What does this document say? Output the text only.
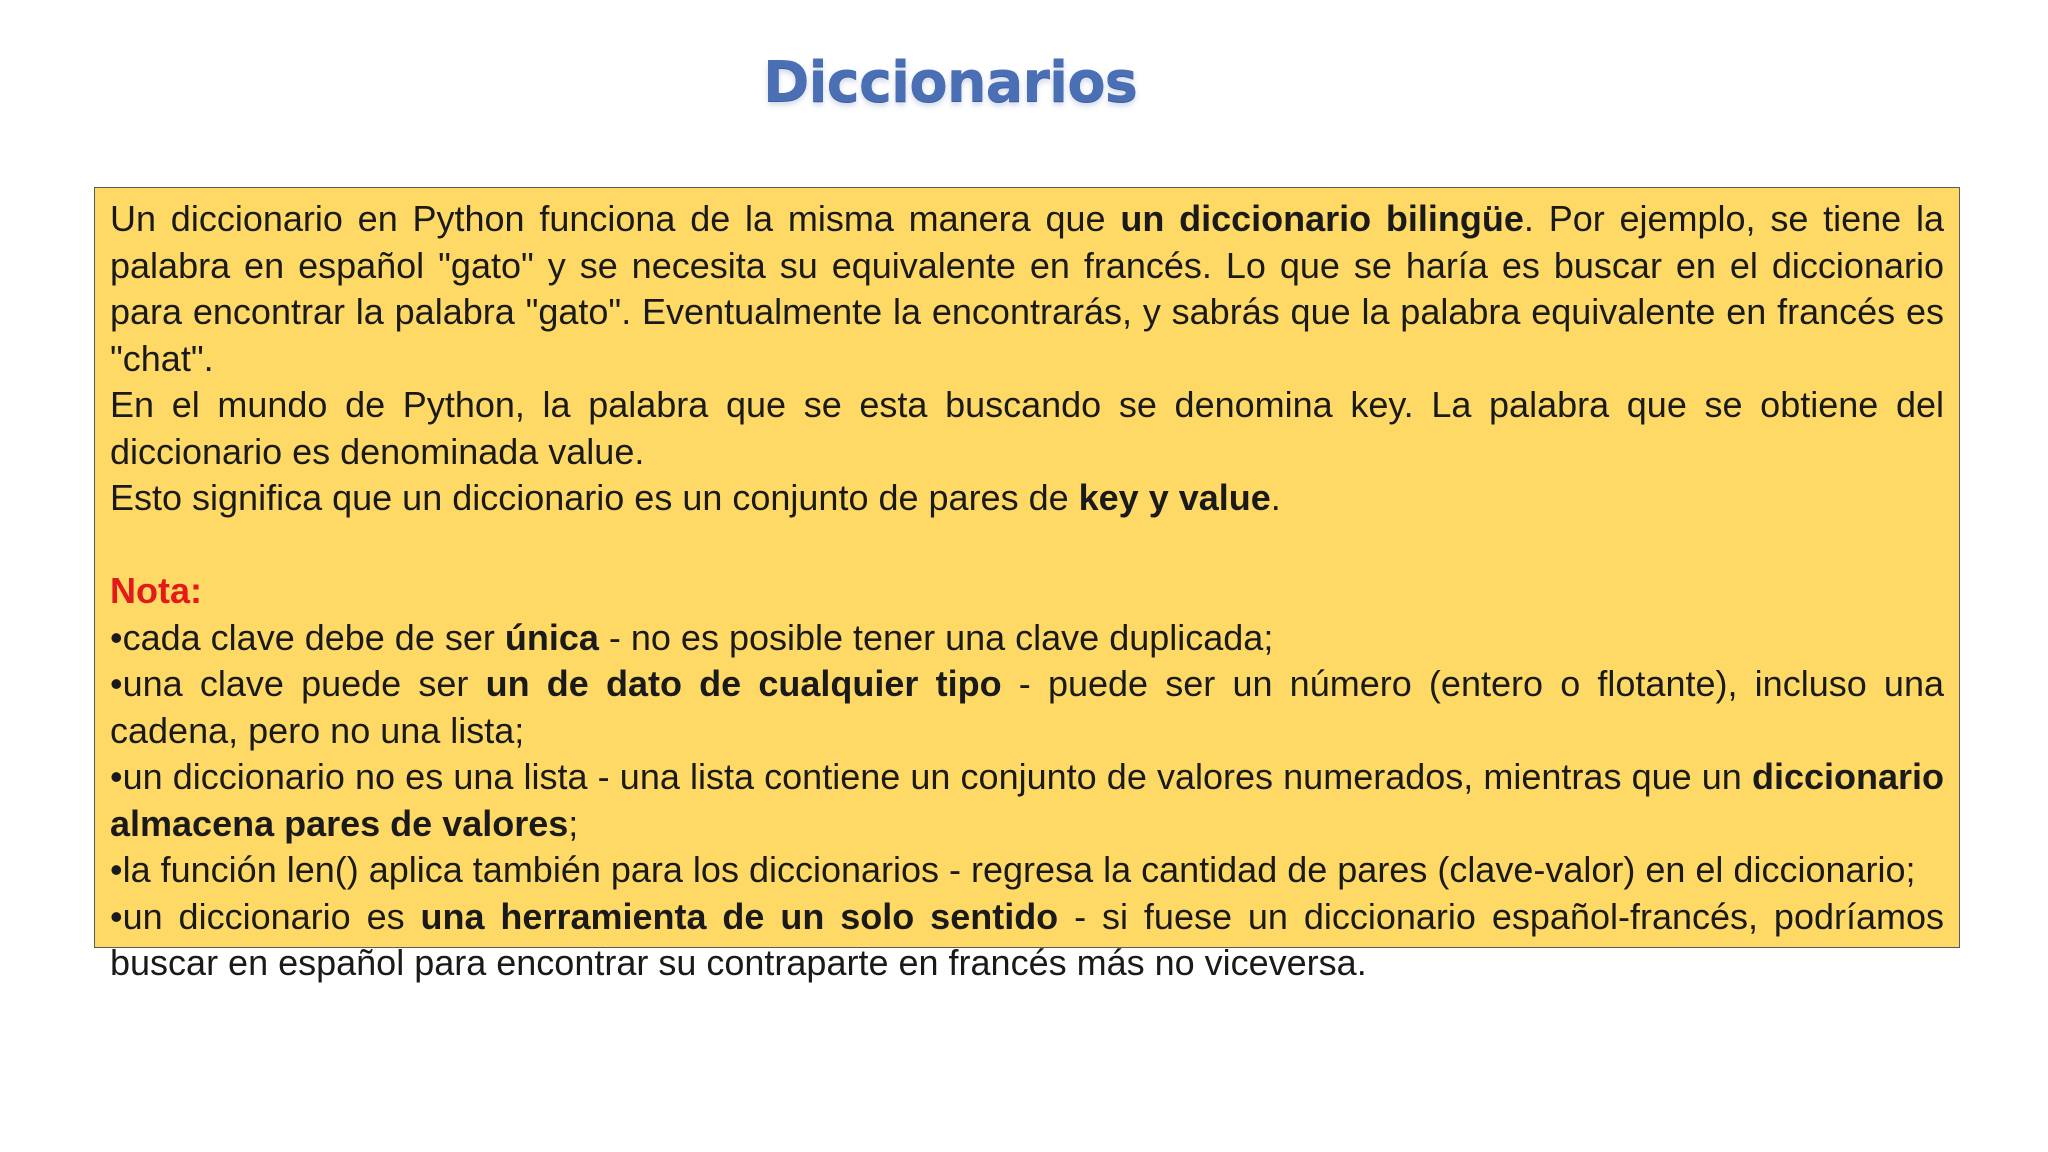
Diccionarios

Un diccionario en Python funciona de la misma manera que un diccionario bilingüe. Por ejemplo, se tiene la palabra en español "gato" y se necesita su equivalente en francés. Lo que se haría es buscar en el diccionario para encontrar la palabra "gato". Eventualmente la encontrarás, y sabrás que la palabra equivalente en francés es "chat".

En el mundo de Python, la palabra que se esta buscando se denomina key. La palabra que se obtiene del diccionario es denominada value.

Esto significa que un diccionario es un conjunto de pares de key y value.

Nota:

•cada clave debe de ser única - no es posible tener una clave duplicada;

•una clave puede ser un de dato de cualquier tipo - puede ser un número (entero o flotante), incluso una cadena, pero no una lista;

•un diccionario no es una lista - una lista contiene un conjunto de valores numerados, mientras que un diccionario almacena pares de valores;

•la función len() aplica también para los diccionarios - regresa la cantidad de pares (clave-valor) en el diccionario;

•un diccionario es una herramienta de un solo sentido - si fuese un diccionario español-francés, podríamos buscar en español para encontrar su contraparte en francés más no viceversa.
